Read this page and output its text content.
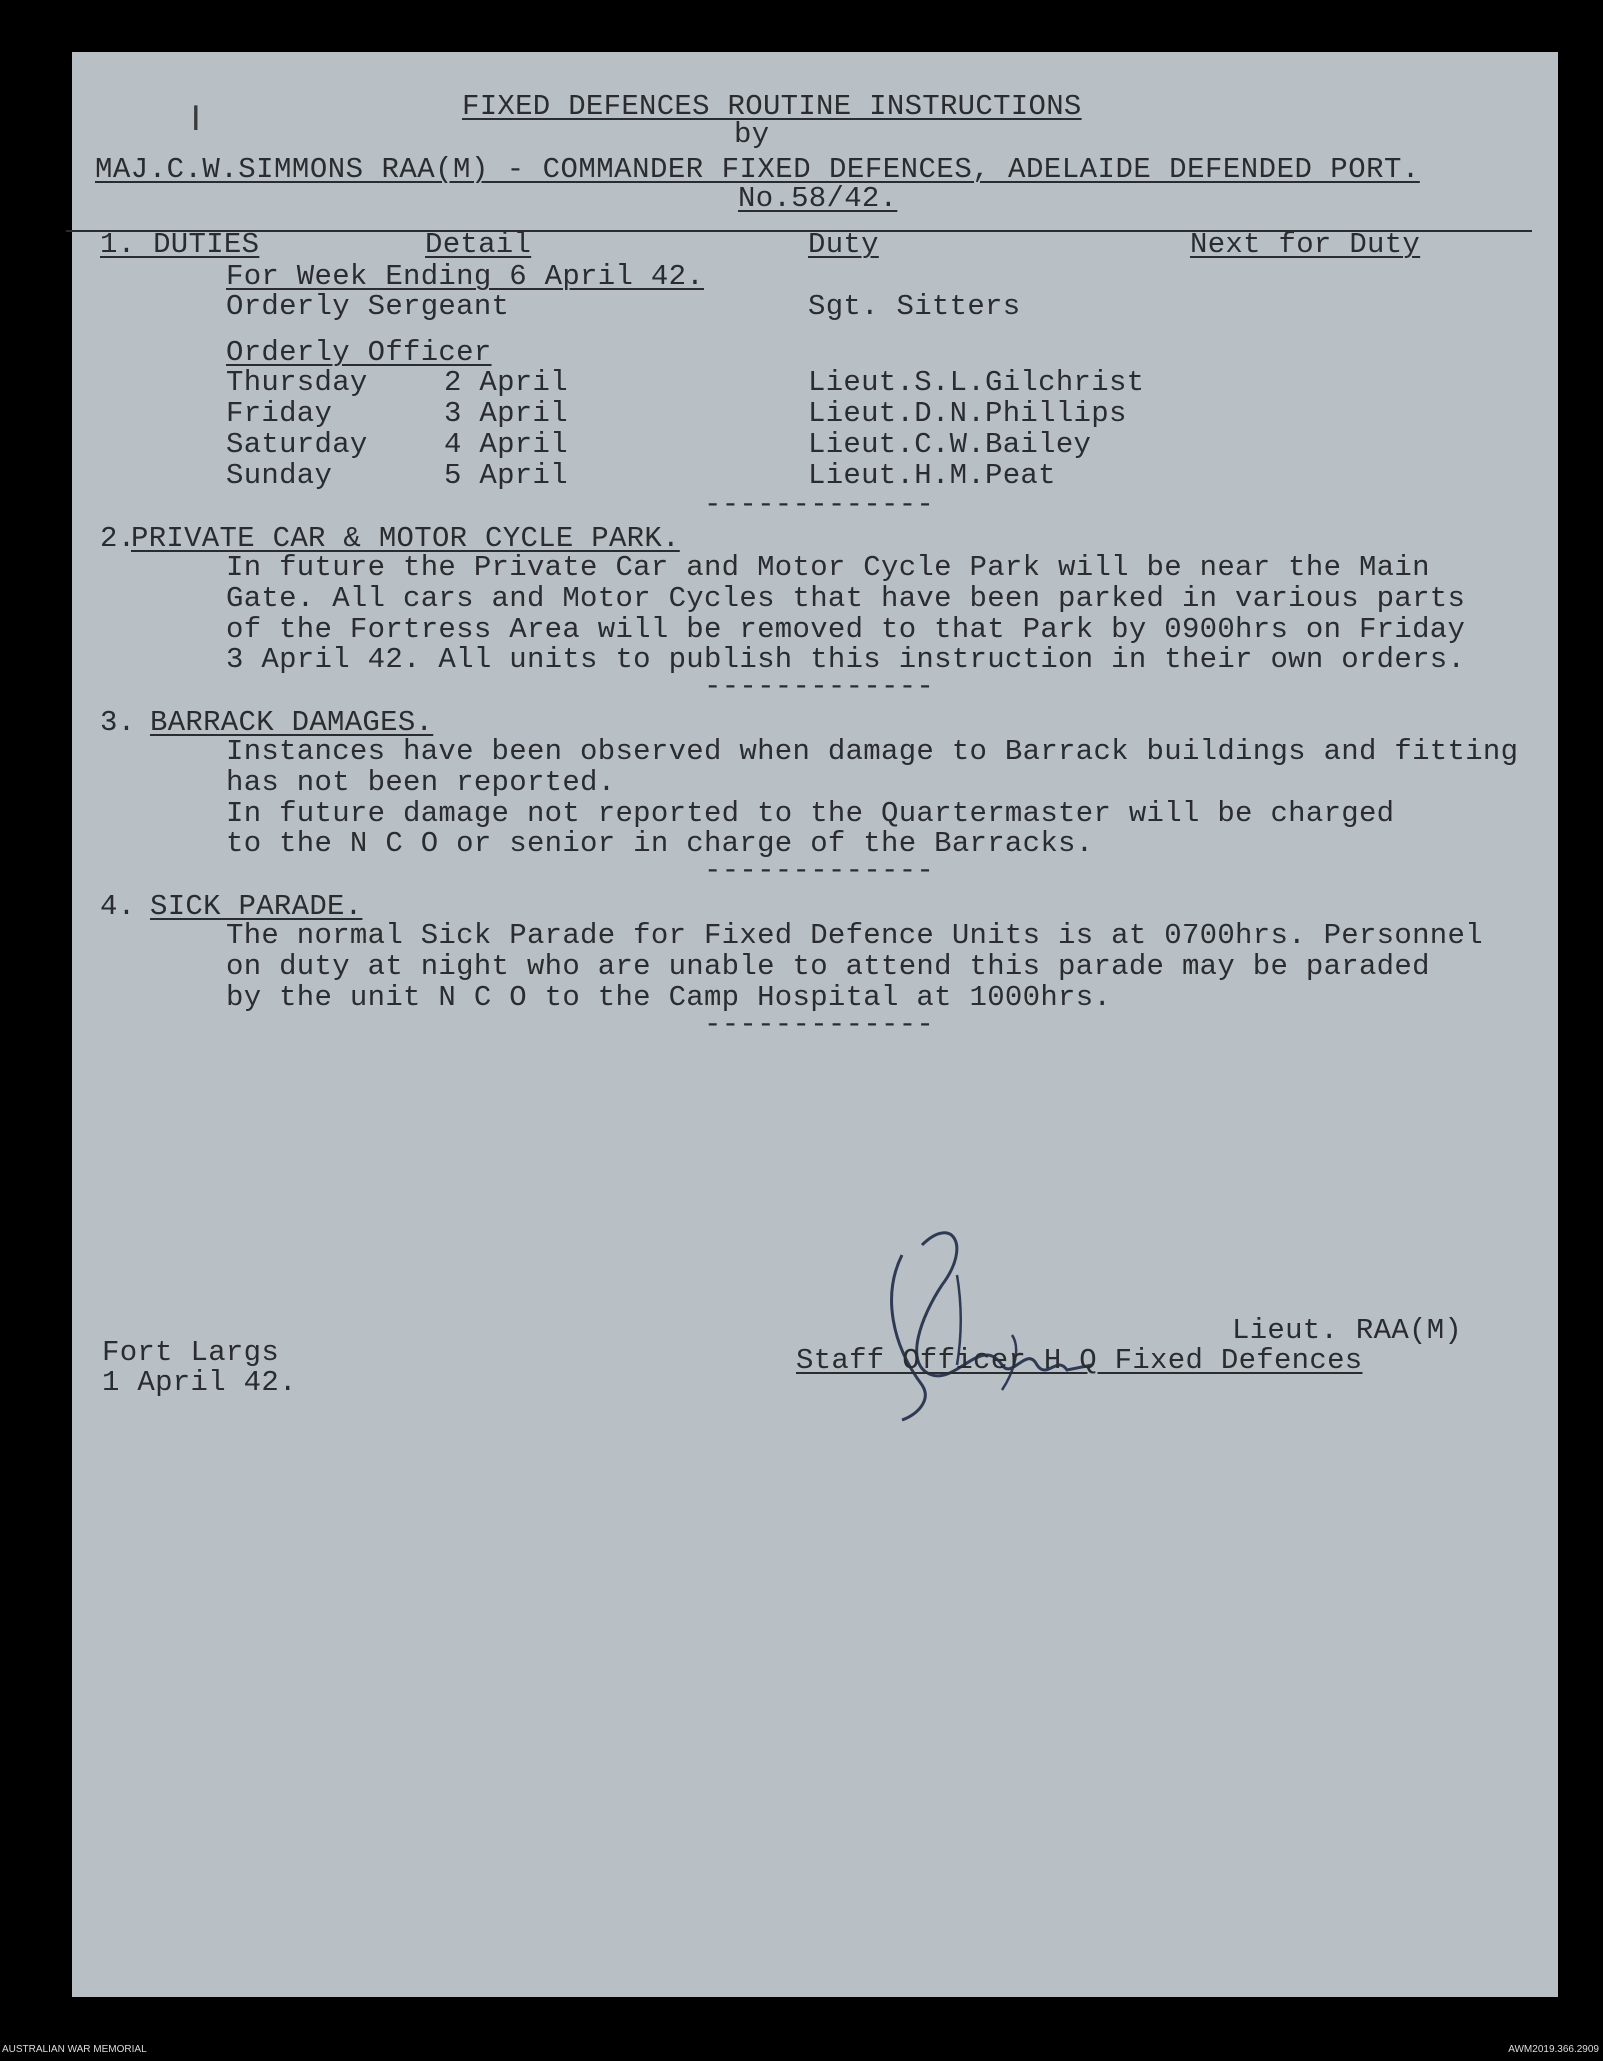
FIXED DEFENCES ROUTINE INSTRUCTIONS
by
MAJ.C.W.SIMMONS RAA(M) - COMMANDER FIXED DEFENCES, ADELAIDE DEFENDED PORT.
No.58/42.
1. DUTIES	Detail	Duty	Next for Duty
For Week Ending 6 April 42.
Orderly Sergeant	Sgt. Sitters
Orderly Officer
Thursday	2 April	Lieut.S.L.Gilchrist
Friday	3 April	Lieut.D.N.Phillips
Saturday	4 April	Lieut.C.W.Bailey
Sunday	5 April	Lieut.H.M.Peat
-------------
2.
PRIVATE CAR & MOTOR CYCLE PARK.
In future the Private Car and Motor Cycle Park will be near the Main
Gate. All cars and Motor Cycles that have been parked in various parts
of the Fortress Area will be removed to that Park by 0900hrs on Friday
3 April 42. All units to publish this instruction in their own orders.
-------------
3. BARRACK DAMAGES.
Instances have been observed when damage to Barrack buildings and fitting
has not been reported.
In future damage not reported to the Quartermaster will be charged
to the N C O or senior in charge of the Barracks.
-------------
4. SICK PARADE.
The normal Sick Parade for Fixed Defence Units is at 0700hrs. Personnel
on duty at night who are unable to attend this parade may be paraded
by the unit N C O to the Camp Hospital at 1000hrs.
-------------
Fort Largs
1 April 42.
Lieut. RAA(M)
Staff Officer H Q Fixed Defences
|
AUSTRALIAN WAR MEMORIAL	AWM2019.366.2909
